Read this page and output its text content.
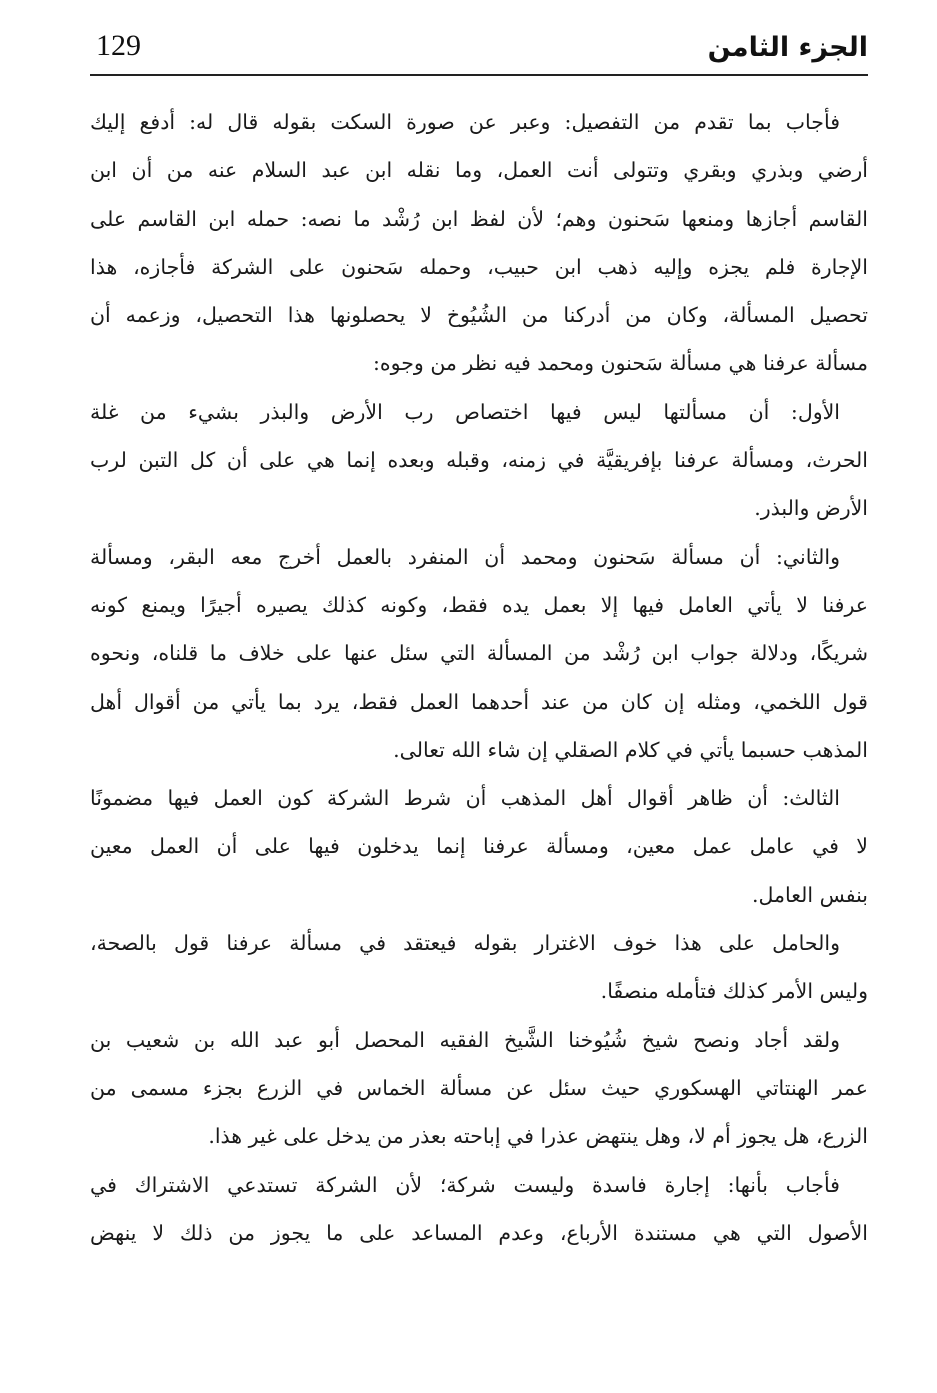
129	الجزء الثامن
فأجاب بما تقدم من التفصيل: وعبر عن صورة السكت بقوله قال له: أدفع إليك
أرضي وبذري وبقري وتتولى أنت العمل، وما نقله ابن عبد السلام عنه من أن ابن
القاسم أجازها ومنعها سَحنون وهم؛ لأن لفظ ابن رُشْد ما نصه: حمله ابن القاسم على
الإجارة فلم يجزه وإليه ذهب ابن حبيب، وحمله سَحنون على الشركة فأجازه، هذا
تحصيل المسألة، وكان من أدركنا من الشُيُوخ لا يحصلونها هذا التحصيل، وزعمه أن
مسألة عرفنا هي مسألة سَحنون ومحمد فيه نظر من وجوه:
الأول: أن مسألتها ليس فيها اختصاص رب الأرض والبذر بشيء من غلة
الحرث، ومسألة عرفنا بإفريقيَّة في زمنه، وقبله وبعده إنما هي على أن كل التبن لرب
الأرض والبذر.
والثاني: أن مسألة سَحنون ومحمد أن المنفرد بالعمل أخرج معه البقر، ومسألة
عرفنا لا يأتي العامل فيها إلا بعمل يده فقط، وكونه كذلك يصيره أجيرًا ويمنع كونه
شريكًا، ودلالة جواب ابن رُشْد من المسألة التي سئل عنها على خلاف ما قلناه، ونحوه
قول اللخمي، ومثله إن كان من عند أحدهما العمل فقط، يرد بما يأتي من أقوال أهل
المذهب حسبما يأتي في كلام الصقلي إن شاء الله تعالى.
الثالث: أن ظاهر أقوال أهل المذهب أن شرط الشركة كون العمل فيها مضمونًا
لا في عامل عمل معين، ومسألة عرفنا إنما يدخلون فيها على أن العمل معين
بنفس العامل.
والحامل على هذا خوف الاغترار بقوله فيعتقد في مسألة عرفنا قول بالصحة،
وليس الأمر كذلك فتأمله منصفًا.
ولقد أجاد ونصح شيخ شُيُوخنا الشَّيخ الفقيه المحصل أبو عبد الله بن شعيب بن
عمر الهنتاتي الهسكوري حيث سئل عن مسألة الخماس في الزرع بجزء مسمى من
الزرع، هل يجوز أم لا، وهل ينتهض عذرا في إباحته بعذر من يدخل على غير هذا.
فأجاب بأنها: إجارة فاسدة وليست شركة؛ لأن الشركة تستدعي الاشتراك في
الأصول التي هي مستندة الأرباع، وعدم المساعد على ما يجوز من ذلك لا ينهض
